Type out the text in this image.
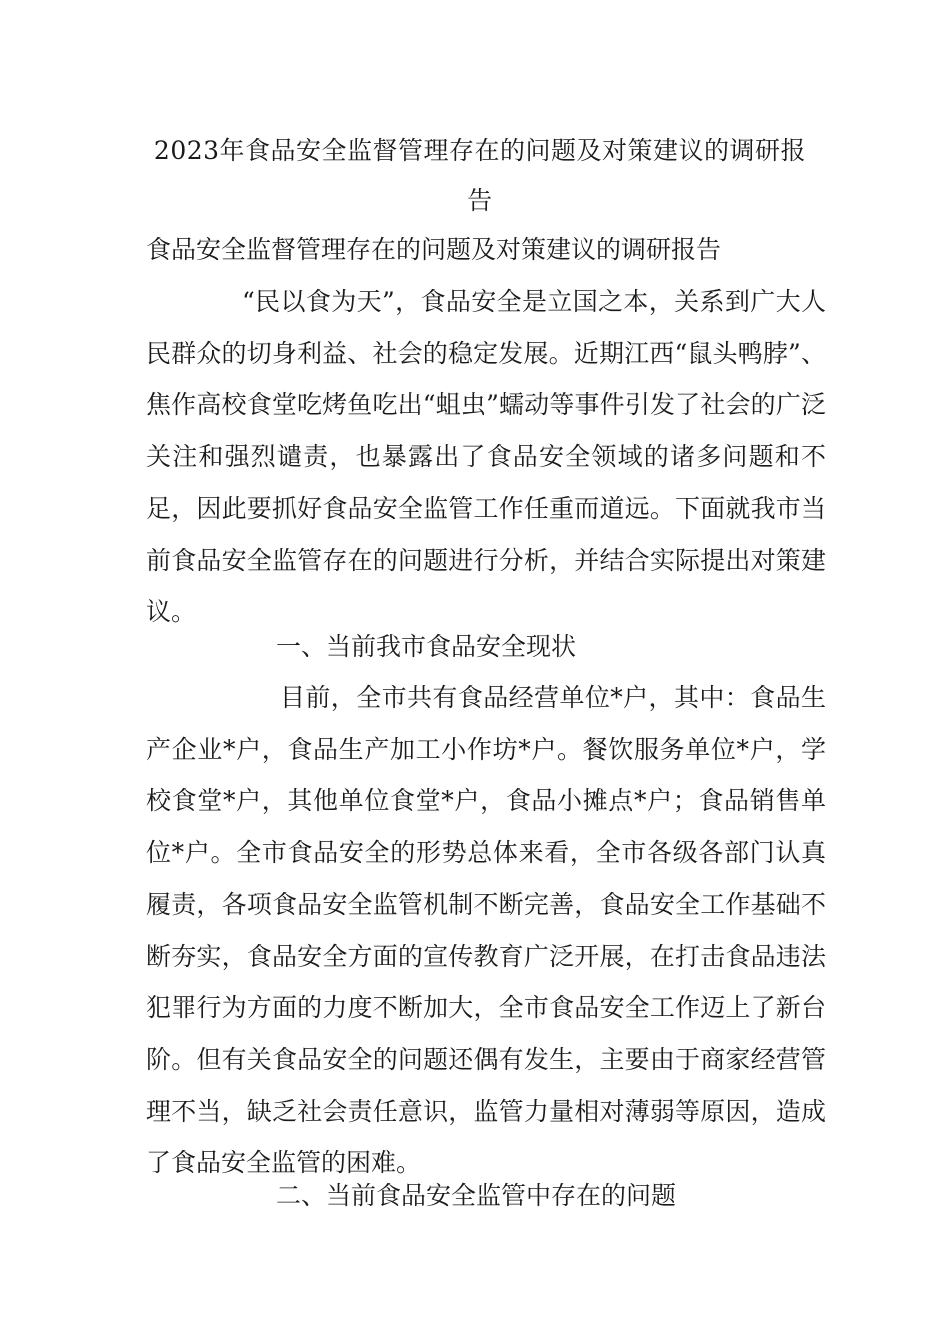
2023年食品安全监督管理存在的问题及对策建议的调研报
告
食品安全监督管理存在的问题及对策建议的调研报告

“民以食为天”，食品安全是立国之本，关系到广大人民群众的切身利益、社会的稳定发展。近期江西“鼠头鸭脖”、焦作高校食堂吃烤鱼吃出“蛆虫”蠕动等事件引发了社会的广泛关注和强烈谴责，也暴露出了食品安全领域的诸多问题和不足，因此要抓好食品安全监管工作任重而道远。下面就我市当前食品安全监管存在的问题进行分析，并结合实际提出对策建议。

一、当前我市食品安全现状

目前，全市共有食品经营单位*户，其中：食品生产企业*户，食品生产加工小作坊*户。餐饮服务单位*户，学校食堂*户，其他单位食堂*户，食品小摊点*户；食品销售单位*户。全市食品安全的形势总体来看，全市各级各部门认真履责，各项食品安全监管机制不断完善，食品安全工作基础不断夯实，食品安全方面的宣传教育广泛开展，在打击食品违法犯罪行为方面的力度不断加大，全市食品安全工作迈上了新台阶。但有关食品安全的问题还偶有发生，主要由于商家经营管理不当，缺乏社会责任意识，监管力量相对薄弱等原因，造成了食品安全监管的困难。

二、当前食品安全监管中存在的问题
